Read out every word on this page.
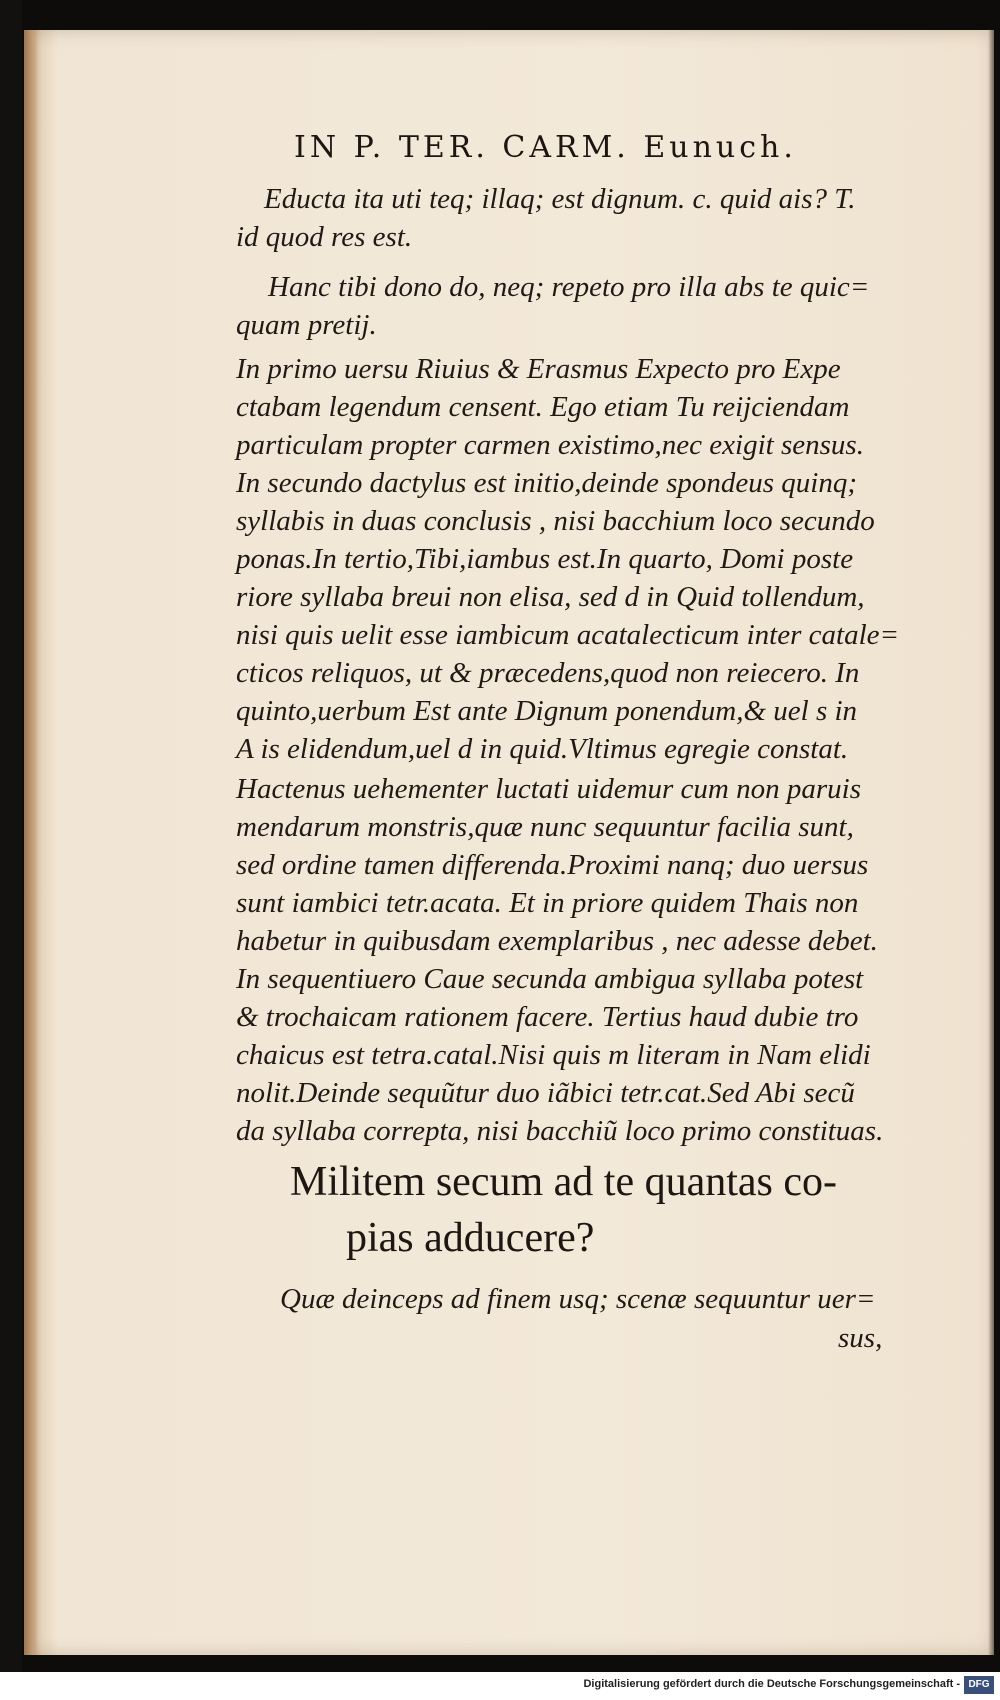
IN P. TER. CARM. Eunuch.

Educta ita uti teq; illaq; est dignum. c. quid ais? T.

id quod res est.

Hanc tibi dono do, neq; repeto pro illa abs te quic=

quam pretij.

In primo uersu Riuius & Erasmus Expecto pro Expe

ctabam legendum censent. Ego etiam Tu reijciendam

particulam propter carmen existimo,nec exigit sensus.

In secundo dactylus est initio,deinde spondeus quinq;

syllabis in duas conclusis , nisi bacchium loco secundo

ponas.In tertio,Tibi,iambus est.In quarto, Domi poste

riore syllaba breui non elisa, sed d in Quid tollendum,

nisi quis uelit esse iambicum acatalecticum inter catale=

cticos reliquos, ut & præcedens,quod non reiecero. In

quinto,uerbum Est ante Dignum ponendum,& uel s in

A is elidendum,uel d in quid.Vltimus egregie constat.

Hactenus uehementer luctati uidemur cum non paruis

mendarum monstris,quæ nunc sequuntur facilia sunt,

sed ordine tamen differenda.Proximi nanq; duo uersus

sunt iambici tetr.acata. Et in priore quidem Thais non

habetur in quibusdam exemplaribus , nec adesse debet.

In sequentiuero Caue secunda ambigua syllaba potest

& trochaicam rationem facere. Tertius haud dubie tro

chaicus est tetra.catal.Nisi quis m literam in Nam elidi

nolit.Deinde sequũtur duo iãbici tetr.cat.Sed Abi secũ

da syllaba correpta, nisi bacchiũ loco primo constituas.

Militem secum ad te quantas co-

pias adducere?

Quæ deinceps ad finem usq; scenæ sequuntur uer=

sus,

Digitalisierung gefördert durch die Deutsche Forschungsgemeinschaft - DFG
